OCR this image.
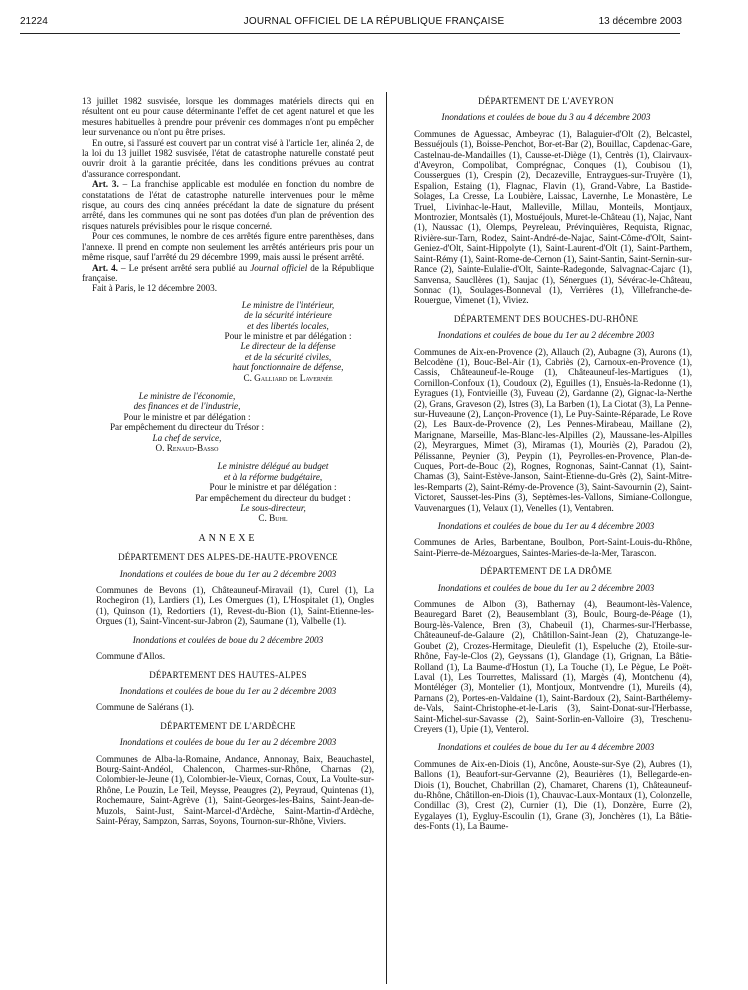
21224	JOURNAL OFFICIEL DE LA RÉPUBLIQUE FRANÇAISE	13 décembre 2003

13 juillet 1982 susvisée, lorsque les dommages matériels directs qui en résultent ont eu pour cause déterminante l'effet de cet agent naturel et que les mesures habituelles à prendre pour prévenir ces dommages n'ont pu empêcher leur survenance ou n'ont pu être prises.

En outre, si l'assuré est couvert par un contrat visé à l'article 1er, alinéa 2, de la loi du 13 juillet 1982 susvisée, l'état de catastrophe naturelle constaté peut ouvrir droit à la garantie précitée, dans les conditions prévues au contrat d'assurance correspondant.

Art. 3. – La franchise applicable est modulée en fonction du nombre de constatations de l'état de catastrophe naturelle intervenues pour le même risque, au cours des cinq années précédant la date de signature du présent arrêté, dans les communes qui ne sont pas dotées d'un plan de prévention des risques naturels prévisibles pour le risque concerné.

Pour ces communes, le nombre de ces arrêtés figure entre parenthèses, dans l'annexe. Il prend en compte non seulement les arrêtés antérieurs pris pour un même risque, sauf l'arrêté du 29 décembre 1999, mais aussi le présent arrêté.

Art. 4. – Le présent arrêté sera publié au Journal officiel de la République française.

Fait à Paris, le 12 décembre 2003.

Le ministre de l'intérieur,
de la sécurité intérieure
et des libertés locales,
Pour le ministre et par délégation :
Le directeur de la défense
et de la sécurité civiles,
haut fonctionnaire de défense,
C. Galliard de Lavernée
Le ministre de l'économie,
des finances et de l'industrie,
Pour le ministre et par délégation :
Par empêchement du directeur du Trésor :
La chef de service,
O. Renaud-Basso
Le ministre délégué au budget
et à la réforme budgétaire,
Pour le ministre et par délégation :
Par empêchement du directeur du budget :
Le sous-directeur,
C. Buhl
ANNEXE
DÉPARTEMENT DES ALPES-DE-HAUTE-PROVENCE
Inondations et coulées de boue du 1er au 2 décembre 2003

Communes de Bevons (1), Châteauneuf-Miravail (1), Curel (1), La Rochegiron (1), Lardiers (1), Les Omergues (1), L'Hospitalet (1), Ongles (1), Quinson (1), Redortiers (1), Revest-du-Bion (1), Saint-Etienne-les-Orgues (1), Saint-Vincent-sur-Jabron (2), Saumane (1), Valbelle (1).

Inondations et coulées de boue du 2 décembre 2003

Commune d'Allos.

DÉPARTEMENT DES HAUTES-ALPES
Inondations et coulées de boue du 1er au 2 décembre 2003

Commune de Salérans (1).

DÉPARTEMENT DE L'ARDÈCHE
Inondations et coulées de boue du 1er au 2 décembre 2003

Communes de Alba-la-Romaine, Andance, Annonay, Baix, Beauchastel, Bourg-Saint-Andéol, Chalencon, Charmes-sur-Rhône, Charnas (2), Colombier-le-Jeune (1), Colombier-le-Vieux, Cornas, Coux, La Voulte-sur-Rhône, Le Pouzin, Le Teil, Meysse, Peaugres (2), Peyraud, Quintenas (1), Rochemaure, Saint-Agrève (1), Saint-Georges-les-Bains, Saint-Jean-de-Muzols, Saint-Just, Saint-Marcel-d'Ardèche, Saint-Martin-d'Ardèche, Saint-Péray, Sampzon, Sarras, Soyons, Tournon-sur-Rhône, Viviers.

DÉPARTEMENT DE L'AVEYRON
Inondations et coulées de boue du 3 au 4 décembre 2003

Communes de Aguessac, Ambeyrac (1), Balaguier-d'Olt (2), Belcastel, Bessuéjouls (1), Boisse-Penchot, Bor-et-Bar (2), Bouillac, Capdenac-Gare, Castelnau-de-Mandailles (1), Causse-et-Diège (1), Centrès (1), Clairvaux-d'Aveyron, Compolibat, Comprégnac, Conques (1), Coubisou (1), Coussergues (1), Crespin (2), Decazeville, Entraygues-sur-Truyère (1), Espalion, Estaing (1), Flagnac, Flavin (1), Grand-Vabre, La Bastide-Solages, La Cresse, La Loubière, Laissac, Lavernhe, Le Monastère, Le Truel, Livinhac-le-Haut, Malleville, Millau, Monteils, Montjaux, Montrozier, Montsalès (1), Mostuéjouls, Muret-le-Château (1), Najac, Nant (1), Naussac (1), Olemps, Peyreleau, Prévinquières, Requista, Rignac, Rivière-sur-Tarn, Rodez, Saint-André-de-Najac, Saint-Côme-d'Olt, Saint-Geniez-d'Olt, Saint-Hippolyte (1), Saint-Laurent-d'Olt (1), Saint-Parthem, Saint-Rémy (1), Saint-Rome-de-Cernon (1), Saint-Santin, Saint-Sernin-sur-Rance (2), Sainte-Eulalie-d'Olt, Sainte-Radegonde, Salvagnac-Cajarc (1), Sanvensa, Saucllères (1), Saujac (1), Sénergues (1), Sévérac-le-Château, Sonnac (1), Soulages-Bonneval (1), Verrières (1), Villefranche-de-Rouergue, Vimenet (1), Viviez.

DÉPARTEMENT DES BOUCHES-DU-RHÔNE
Inondations et coulées de boue du 1er au 2 décembre 2003

Communes de Aix-en-Provence (2), Allauch (2), Aubagne (3), Aurons (1), Belcodène (1), Bouc-Bel-Air (1), Cabriès (2), Carnoux-en-Provence (1), Cassis, Châteauneuf-le-Rouge (1), Châteauneuf-les-Martigues (1), Cornillon-Confoux (1), Coudoux (2), Eguilles (1), Ensuès-la-Redonne (1), Eyragues (1), Fontvieille (3), Fuveau (2), Gardanne (2), Gignac-la-Nerthe (2), Grans, Graveson (2), Istres (3), La Barben (1), La Ciotat (3), La Penne-sur-Huveaune (2), Lançon-Provence (1), Le Puy-Sainte-Réparade, Le Rove (2), Les Baux-de-Provence (2), Les Pennes-Mirabeau, Maillane (2), Marignane, Marseille, Mas-Blanc-les-Alpilles (2), Maussane-les-Alpilles (2), Meyrargues, Mimet (3), Miramas (1), Mouriès (2), Paradou (2), Pélissanne, Peynier (3), Peypin (1), Peyrolles-en-Provence, Plan-de-Cuques, Port-de-Bouc (2), Rognes, Rognonas, Saint-Cannat (1), Saint-Chamas (3), Saint-Estève-Janson, Saint-Etienne-du-Grès (2), Saint-Mitre-les-Remparts (2), Saint-Rémy-de-Provence (3), Saint-Savournin (2), Saint-Victoret, Sausset-les-Pins (3), Septèmes-les-Vallons, Simiane-Collongue, Vauvenargues (1), Velaux (1), Venelles (1), Ventabren.

Inondations et coulées de boue du 1er au 4 décembre 2003

Communes de Arles, Barbentane, Boulbon, Port-Saint-Louis-du-Rhône, Saint-Pierre-de-Mézoargues, Saintes-Maries-de-la-Mer, Tarascon.

DÉPARTEMENT DE LA DRÔME
Inondations et coulées de boue du 1er au 2 décembre 2003

Communes de Albon (3), Bathernay (4), Beaumont-lès-Valence, Beauregard Baret (2), Beausemblant (3), Boulc, Bourg-de-Péage (1), Bourg-lès-Valence, Bren (3), Chabeuil (1), Charmes-sur-l'Herbasse, Châteauneuf-de-Galaure (2), Châtillon-Saint-Jean (2), Chatuzange-le-Goubet (2), Crozes-Hermitage, Dieulefit (1), Espeluche (2), Etoile-sur-Rhône, Fay-le-Clos (2), Geyssans (1), Glandage (1), Grignan, La Bâtie-Rolland (1), La Baume-d'Hostun (1), La Touche (1), Le Pègue, Le Poët-Laval (1), Les Tourrettes, Malissard (1), Margès (4), Montchenu (4), Montéléger (3), Montelier (1), Montjoux, Montvendre (1), Mureils (4), Parnans (2), Portes-en-Valdaine (1), Saint-Bardoux (2), Saint-Barthélemy-de-Vals, Saint-Christophe-et-le-Laris (3), Saint-Donat-sur-l'Herbasse, Saint-Michel-sur-Savasse (2), Saint-Sorlin-en-Valloire (3), Treschenu-Creyers (1), Upie (1), Venterol.

Inondations et coulées de boue du 1er au 4 décembre 2003

Communes de Aix-en-Diois (1), Ancône, Aouste-sur-Sye (2), Aubres (1), Ballons (1), Beaufort-sur-Gervanne (2), Beaurières (1), Bellegarde-en-Diois (1), Bouchet, Chabrillan (2), Chamaret, Charens (1), Châteauneuf-du-Rhône, Châtillon-en-Diois (1), Chauvac-Laux-Montaux (1), Colonzelle, Condillac (3), Crest (2), Curnier (1), Die (1), Donzère, Eurre (2), Eygalayes (1), Eygluy-Escoulin (1), Grane (3), Jonchères (1), La Bâtie-des-Fonts (1), La Baume-
